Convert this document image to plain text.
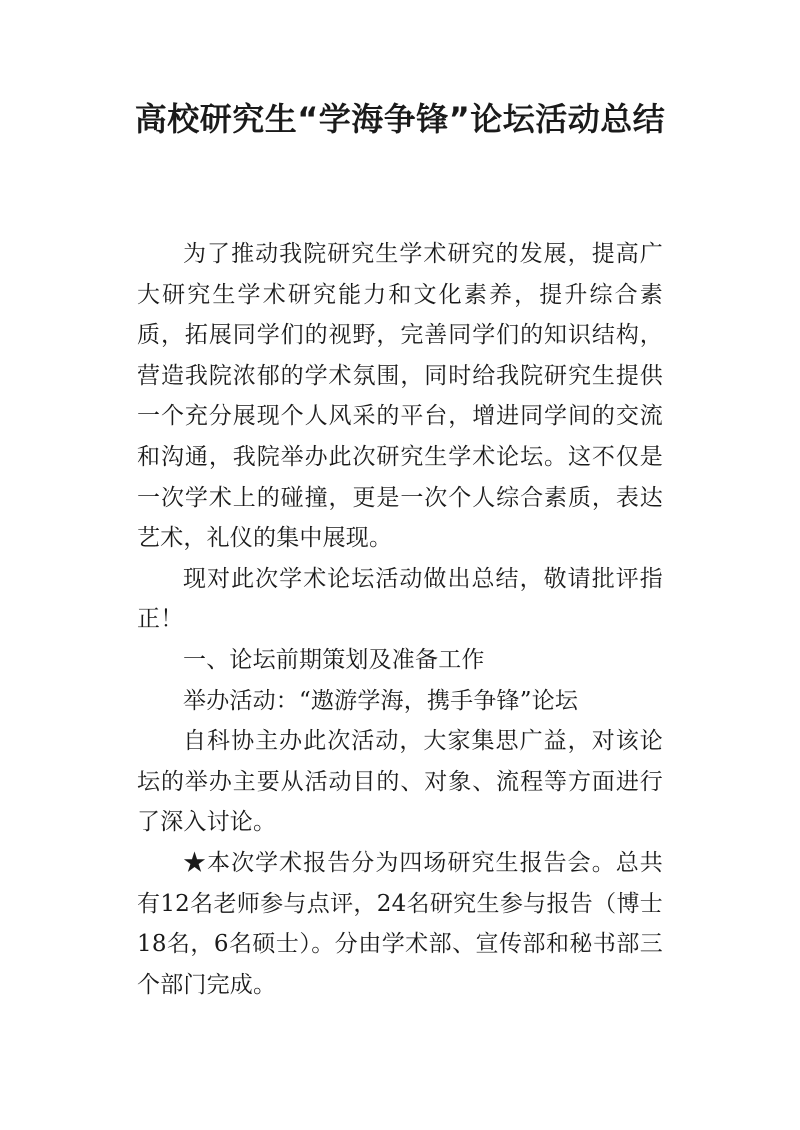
高校研究生“学海争锋”论坛活动总结

为了推动我院研究生学术研究的发展，提高广大研究生学术研究能力和文化素养，提升综合素质，拓展同学们的视野，完善同学们的知识结构，营造我院浓郁的学术氛围，同时给我院研究生提供一个充分展现个人风采的平台，增进同学间的交流和沟通，我院举办此次研究生学术论坛。这不仅是一次学术上的碰撞，更是一次个人综合素质，表达艺术，礼仪的集中展现。

现对此次学术论坛活动做出总结，敬请批评指正！

一、论坛前期策划及准备工作

举办活动：“遨游学海，携手争锋”论坛

自科协主办此次活动，大家集思广益，对该论坛的举办主要从活动目的、对象、流程等方面进行了深入讨论。

★本次学术报告分为四场研究生报告会。总共有12名老师参与点评，24名研究生参与报告（博士18名，6名硕士）。分由学术部、宣传部和秘书部三个部门完成。
